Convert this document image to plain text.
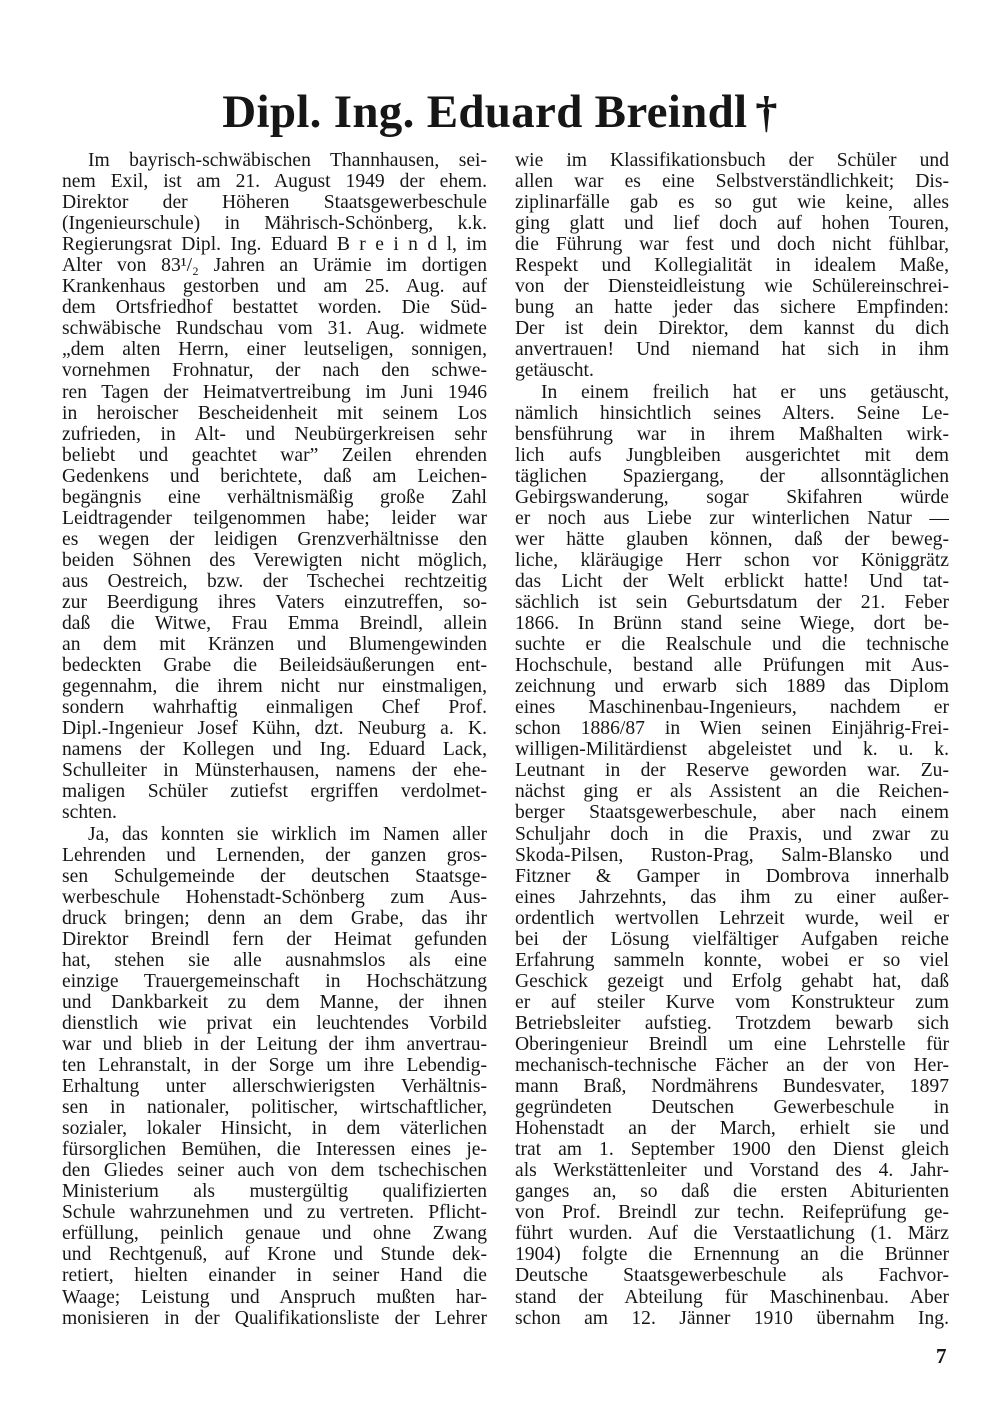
Dipl. Ing. Eduard Breindl †
Im bayrisch-schwäbischen Thannhausen, sei-
nem Exil, ist am 21. August 1949 der ehem.
Direktor der Höheren Staatsgewerbeschule
(Ingenieurschule) in Mährisch-Schönberg, k.k.
Regierungsrat Dipl. Ing. Eduard B r e i n d l, im
Alter von 83¹/₂ Jahren an Urämie im dortigen
Krankenhaus gestorben und am 25. Aug. auf
dem Ortsfriedhof bestattet worden. Die Süd-
schwäbische Rundschau vom 31. Aug. widmete
„dem alten Herrn, einer leutseligen, sonnigen,
vornehmen Frohnatur, der nach den schwe-
ren Tagen der Heimatvertreibung im Juni 1946
in heroischer Bescheidenheit mit seinem Los
zufrieden, in Alt- und Neubürgerkreisen sehr
beliebt und geachtet war” Zeilen ehrenden
Gedenkens und berichtete, daß am Leichen-
begängnis eine verhältnismäßig große Zahl
Leidtragender teilgenommen habe; leider war
es wegen der leidigen Grenzverhältnisse den
beiden Söhnen des Verewigten nicht möglich,
aus Oestreich, bzw. der Tschechei rechtzeitig
zur Beerdigung ihres Vaters einzutreffen, so-
daß die Witwe, Frau Emma Breindl, allein
an dem mit Kränzen und Blumengewinden
bedeckten Grabe die Beileidsäußerungen ent-
gegennahm, die ihrem nicht nur einstmaligen,
sondern wahrhaftig einmaligen Chef Prof.
Dipl.-Ingenieur Josef Kühn, dzt. Neuburg a. K.
namens der Kollegen und Ing. Eduard Lack,
Schulleiter in Münsterhausen, namens der ehe-
maligen Schüler zutiefst ergriffen verdolmet-
schten.
Ja, das konnten sie wirklich im Namen aller
Lehrenden und Lernenden, der ganzen gros-
sen Schulgemeinde der deutschen Staatsge-
werbeschule Hohenstadt-Schönberg zum Aus-
druck bringen; denn an dem Grabe, das ihr
Direktor Breindl fern der Heimat gefunden
hat, stehen sie alle ausnahmslos als eine
einzige Trauergemeinschaft in Hochschätzung
und Dankbarkeit zu dem Manne, der ihnen
dienstlich wie privat ein leuchtendes Vorbild
war und blieb in der Leitung der ihm anvertrau-
ten Lehranstalt, in der Sorge um ihre Lebendig-
Erhaltung unter allerschwierigsten Verhältnis-
sen in nationaler, politischer, wirtschaftlicher,
sozialer, lokaler Hinsicht, in dem väterlichen
fürsorglichen Bemühen, die Interessen eines je-
den Gliedes seiner auch von dem tschechischen
Ministerium als mustergültig qualifizierten
Schule wahrzunehmen und zu vertreten. Pflicht-
erfüllung, peinlich genaue und ohne Zwang
und Rechtgenuß, auf Krone und Stunde dek-
retiert, hielten einander in seiner Hand die
Waage; Leistung und Anspruch mußten har-
monisieren in der Qualifikationsliste der Lehrer
wie im Klassifikationsbuch der Schüler und
allen war es eine Selbstverständlichkeit; Dis-
ziplinarfälle gab es so gut wie keine, alles
ging glatt und lief doch auf hohen Touren,
die Führung war fest und doch nicht fühlbar,
Respekt und Kollegialität in idealem Maße,
von der Diensteidleistung wie Schülereinschrei-
bung an hatte jeder das sichere Empfinden:
Der ist dein Direktor, dem kannst du dich
anvertrauen! Und niemand hat sich in ihm
getäuscht.
In einem freilich hat er uns getäuscht,
nämlich hinsichtlich seines Alters. Seine Le-
bensführung war in ihrem Maßhalten wirk-
lich aufs Jungbleiben ausgerichtet mit dem
täglichen Spaziergang, der allsonntäglichen
Gebirgswanderung, sogar Skifahren würde
er noch aus Liebe zur winterlichen Natur —
wer hätte glauben können, daß der beweg-
liche, kläräugige Herr schon vor Königgrätz
das Licht der Welt erblickt hatte! Und tat-
sächlich ist sein Geburtsdatum der 21. Feber
1866. In Brünn stand seine Wiege, dort be-
suchte er die Realschule und die technische
Hochschule, bestand alle Prüfungen mit Aus-
zeichnung und erwarb sich 1889 das Diplom
eines Maschinenbau-Ingenieurs, nachdem er
schon 1886/87 in Wien seinen Einjährig-Frei-
willigen-Militärdienst abgeleistet und k. u. k.
Leutnant in der Reserve geworden war. Zu-
nächst ging er als Assistent an die Reichen-
berger Staatsgewerbeschule, aber nach einem
Schuljahr doch in die Praxis, und zwar zu
Skoda-Pilsen, Ruston-Prag, Salm-Blansko und
Fitzner & Gamper in Dombrova innerhalb
eines Jahrzehnts, das ihm zu einer außer-
ordentlich wertvollen Lehrzeit wurde, weil er
bei der Lösung vielfältiger Aufgaben reiche
Erfahrung sammeln konnte, wobei er so viel
Geschick gezeigt und Erfolg gehabt hat, daß
er auf steiler Kurve vom Konstrukteur zum
Betriebsleiter aufstieg. Trotzdem bewarb sich
Oberingenieur Breindl um eine Lehrstelle für
mechanisch-technische Fächer an der von Her-
mann Braß, Nordmährens Bundesvater, 1897
gegründeten Deutschen Gewerbeschule in
Hohenstadt an der March, erhielt sie und
trat am 1. September 1900 den Dienst gleich
als Werkstättenleiter und Vorstand des 4. Jahr-
ganges an, so daß die ersten Abiturienten
von Prof. Breindl zur techn. Reifeprüfung ge-
führt wurden. Auf die Verstaatlichung (1. März
1904) folgte die Ernennung an die Brünner
Deutsche Staatsgewerbeschule als Fachvor-
stand der Abteilung für Maschinenbau. Aber
schon am 12. Jänner 1910 übernahm Ing.
7
